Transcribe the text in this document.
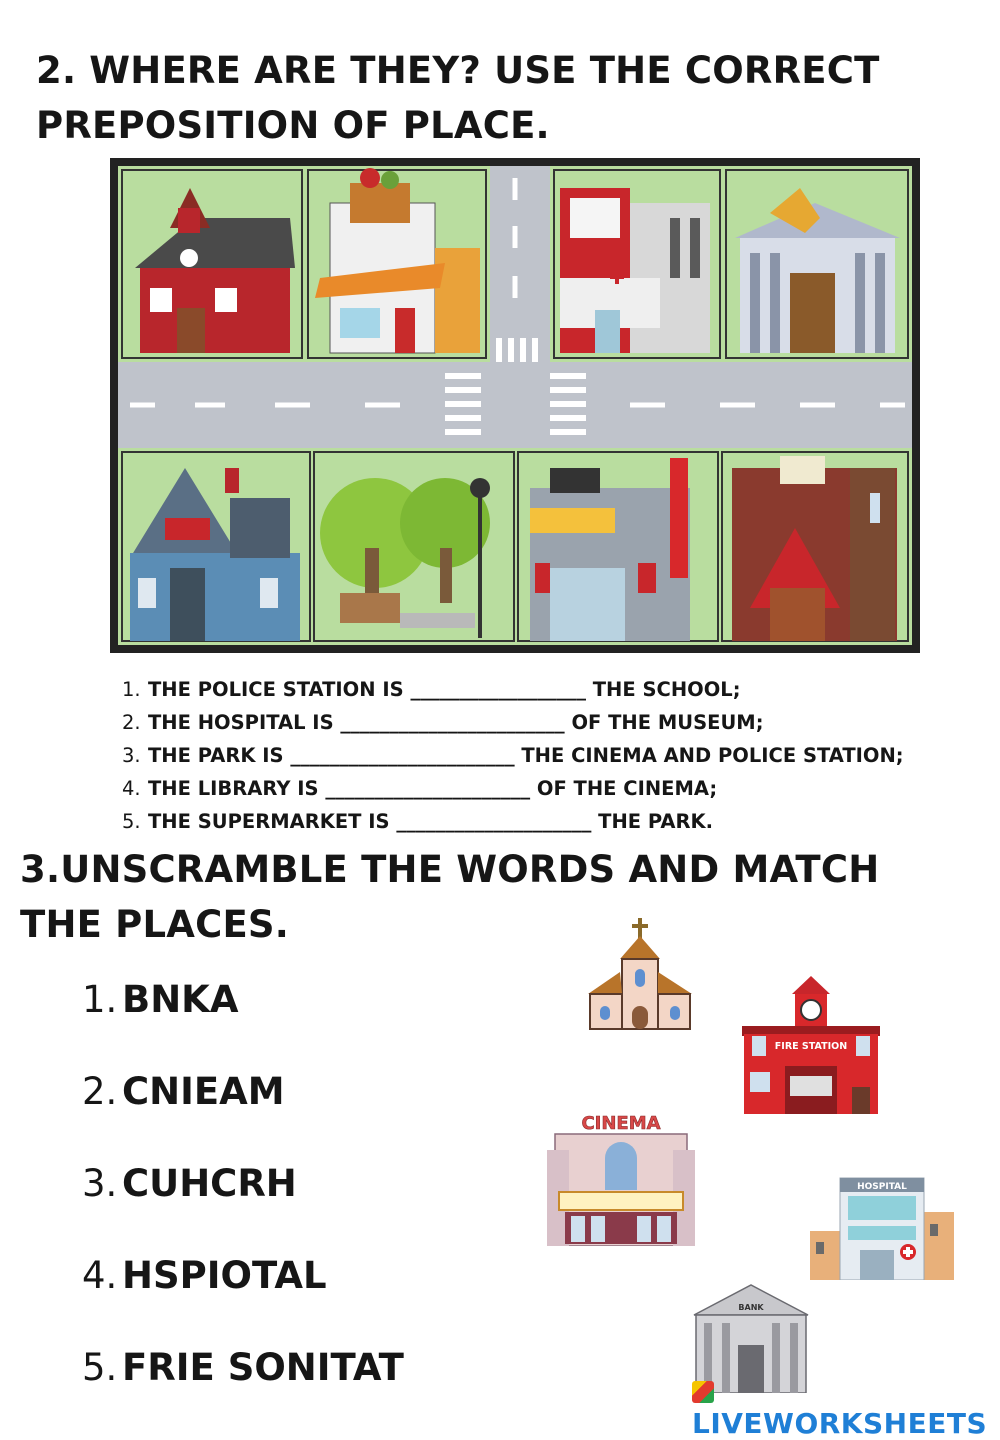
2. WHERE ARE THEY? USE THE CORRECT PREPOSITION OF PLACE.
1. THE POLICE STATION IS __________________ THE SCHOOL;
2. THE HOSPITAL IS _______________________ OF THE MUSEUM;
3. THE PARK IS _______________________ THE CINEMA AND POLICE STATION;
4. THE LIBRARY IS _____________________ OF THE CINEMA;
5. THE SUPERMARKET IS ____________________ THE PARK.
3.UNSCRAMBLE THE WORDS AND MATCH THE PLACES.
1. BNKA
2. CNIEAM
3. CUHCRH
4. HSPIOTAL
5. FRIE SONITAT
FIRE STATION
CINEMA
HOSPITAL
BANK
LIVEWORKSHEETS
